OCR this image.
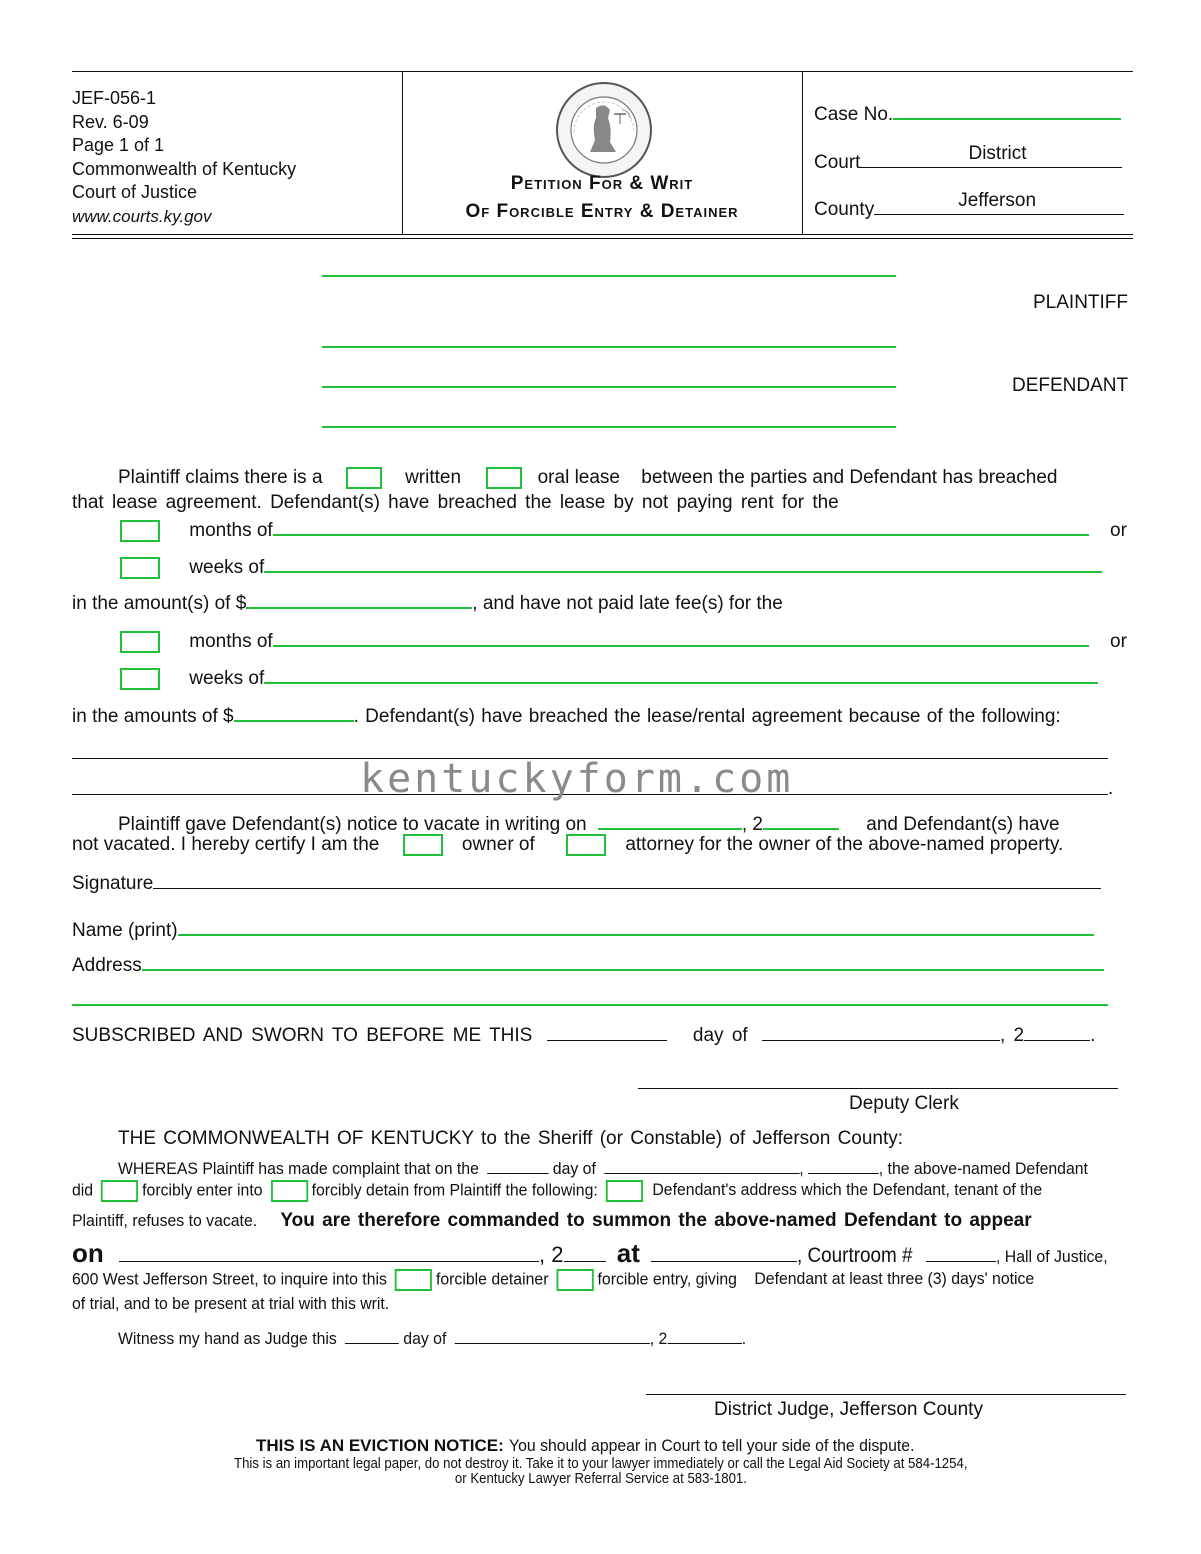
JEF-056-1
Rev. 6-09
Page 1 of 1
Commonwealth of Kentucky
Court of Justice
www.courts.ky.gov
Petition For & Writ
Of Forcible Entry & Detainer
Case No.
Court	District
County	Jefferson
PLAINTIFF
DEFENDANT
Plaintiff claims there is a	written	oral lease between the parties and Defendant has breached
that lease agreement. Defendant(s) have breached the lease by not paying rent for the
months of	or
weeks of
in the amount(s) of $	, and have not paid late fee(s) for the
months of	or
weeks of
in the amounts of $	. Defendant(s) have breached the lease/rental agreement because of the following:
.
kentuckyform.com
Plaintiff gave Defendant(s) notice to vacate in writing on	, 2	and Defendant(s) have
not vacated. I hereby certify I am the	owner of	attorney for the owner of the above-named property.
Signature
Name (print)
Address
SUBSCRIBED AND SWORN TO BEFORE ME THIS	day of	, 2	.
Deputy Clerk
THE COMMONWEALTH OF KENTUCKY to the Sheriff (or Constable) of Jefferson County:
WHEREAS Plaintiff has made complaint that on the	day of	,	, the above-named Defendant
did	forcibly enter into	forcibly detain from Plaintiff the following:	Defendant's address which the Defendant, tenant of the
Plaintiff, refuses to vacate. You are therefore commanded to summon the above-named Defendant to appear
on	, 2 at	, Courtroom #	, Hall of Justice,
600 West Jefferson Street, to inquire into this	forcible detainer	forcible entry, giving Defendant at least three (3) days' notice
of trial, and to be present at trial with this writ.
Witness my hand as Judge this	day of	, 2	.
District Judge, Jefferson County
THIS IS AN EVICTION NOTICE: You should appear in Court to tell your side of the dispute.
This is an important legal paper, do not destroy it. Take it to your lawyer immediately or call the Legal Aid Society at 584-1254,
or Kentucky Lawyer Referral Service at 583-1801.
